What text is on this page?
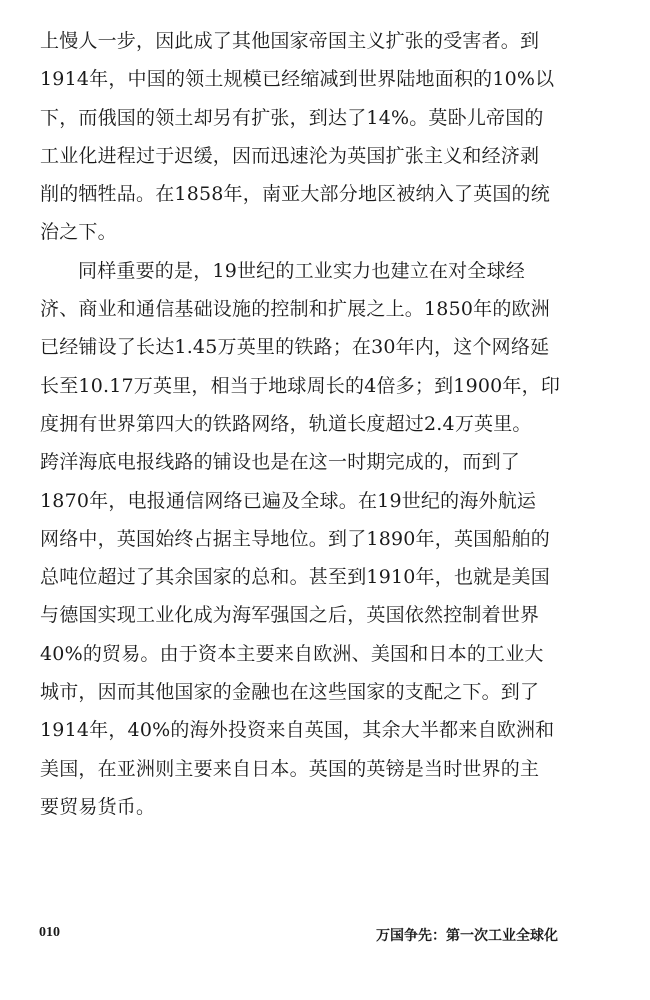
上慢人一步，因此成了其他国家帝国主义扩张的受害者。到
1914年，中国的领土规模已经缩减到世界陆地面积的10%以
下，而俄国的领土却另有扩张，到达了14%。莫卧儿帝国的
工业化进程过于迟缓，因而迅速沦为英国扩张主义和经济剥
削的牺牲品。在1858年，南亚大部分地区被纳入了英国的统
治之下。
同样重要的是，19世纪的工业实力也建立在对全球经
济、商业和通信基础设施的控制和扩展之上。1850年的欧洲
已经铺设了长达1.45万英里的铁路；在30年内，这个网络延
长至10.17万英里，相当于地球周长的4倍多；到1900年，印
度拥有世界第四大的铁路网络，轨道长度超过2.4万英里。
跨洋海底电报线路的铺设也是在这一时期完成的，而到了
1870年，电报通信网络已遍及全球。在19世纪的海外航运
网络中，英国始终占据主导地位。到了1890年，英国船舶的
总吨位超过了其余国家的总和。甚至到1910年，也就是美国
与德国实现工业化成为海军强国之后，英国依然控制着世界
40%的贸易。由于资本主要来自欧洲、美国和日本的工业大
城市，因而其他国家的金融也在这些国家的支配之下。到了
1914年，40%的海外投资来自英国，其余大半都来自欧洲和
美国，在亚洲则主要来自日本。英国的英镑是当时世界的主
要贸易货币。
010	万国争先：第一次工业全球化
